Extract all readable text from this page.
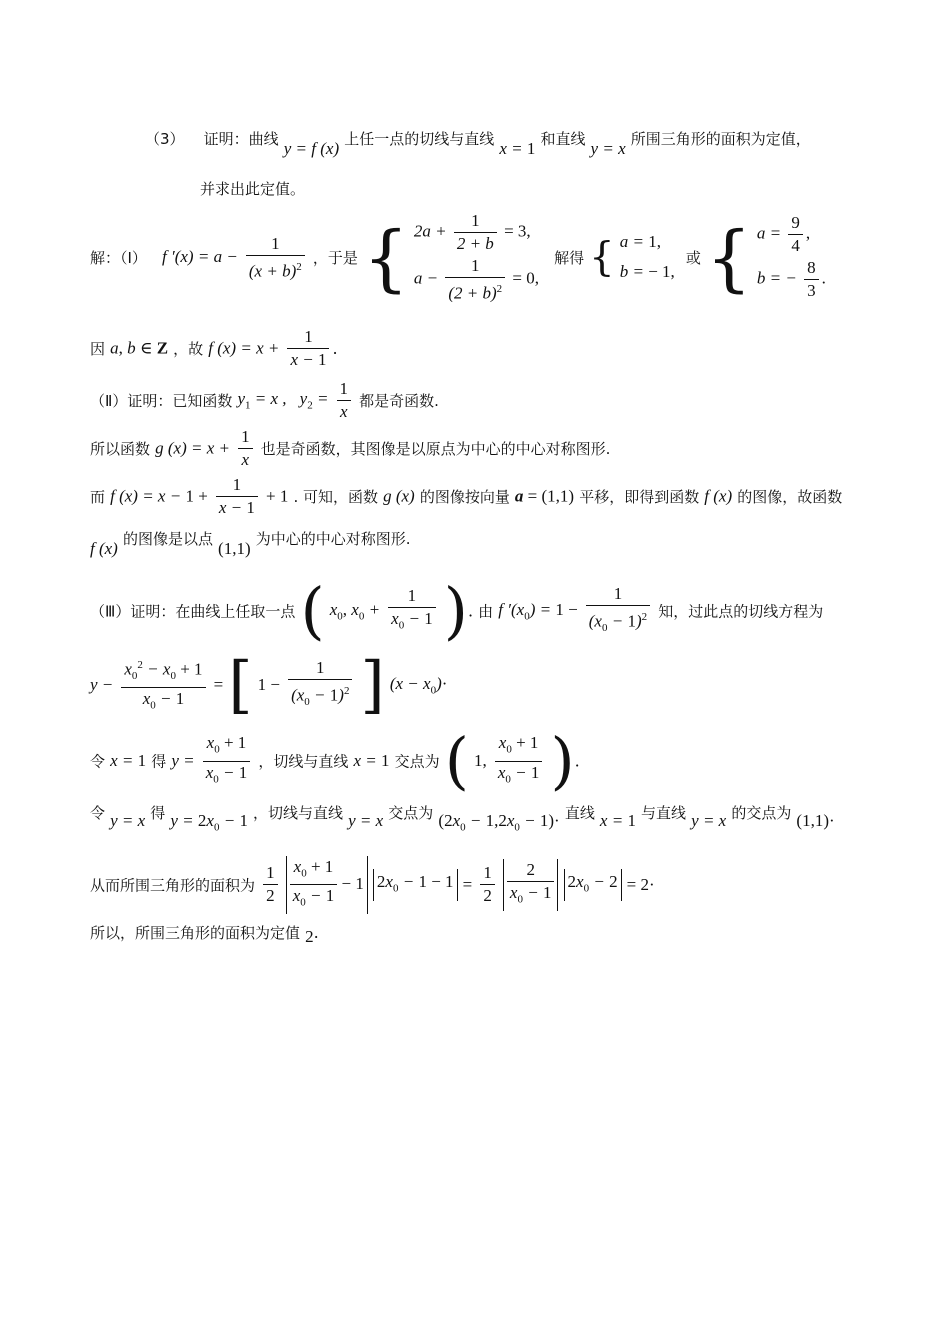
（3） 证明：曲线 y = f (x) 上任一点的切线与直线 x = 1 和直线 y = x 所围三角形的面积为定值，
并求出此定值。
解：（Ⅰ） f $'(x) = a - \frac{1}{(x + b)^2}$ ，于是 { $2a + \frac{1}{2 + b} = 3$,
$a - \frac{1}{(2 + b)^2} = 0$,
解得 { a = 1,
b = − 1,
或 { $a = \frac{9}{4}$ ,
b = − $\frac{8}{3}$ .
因 a, b ∈ Z ，故 f $(x) = x + \frac{1}{x - 1}$ .
（Ⅱ）证明：已知函数 $y_1 = x$ , $y_2 = \frac{1}{x}$ 都是奇函数.
所以函数 g $(x) = x + \frac{1}{x}$ 也是奇函数，其图像是以原点为中心的中心对称图形.
而 f $(x) = x - 1 + \frac{1}{x - 1} + 1$ . 可知，函数 g (x) 的图像按向量 a = (1,1) 平移，即得到函数 f (x) 的图像，故函数
f (x) 的图像是以点 (1,1) 为中心的中心对称图形.
（Ⅲ）证明：在曲线上任取一点 ( $x_0$, $x_0 + \frac{1}{x_0 - 1}$ ). 由 f $'(x_0) = 1 - \frac{1}{(x_0 - 1)^2}$ 知，过此点的切线方程为
$y - \frac{x_0^2 - x_0 + 1}{x_0 - 1}$ = [ $1 - \frac{1}{(x_0 - 1)^2}$ ] $(x - x_0)\cdot$
令 x = 1 得 $y = \frac{x_0 + 1}{x_0 - 1}$ ，切线与直线 x = 1 交点为 ( 1, $\frac{x_0 + 1}{x_0 - 1}$ ).
令 y = x 得 $y = 2x_0 - 1$ ，切线与直线 y = x 交点为 $(2x_0 - 1,2x_0 - 1)\cdot$ 直线 x = 1 与直线 y = x 的交点为 (1,1)·
从而所围三角形的面积为 $\frac{1}{2}$
$\frac{x_0 + 1}{x_0 - 1} - 1$ $2x_0 - 1 - 1 = \frac{1}{2}$
$\frac{2}{x_0 - 1} 2x_0 - 2 = 2\cdot$
所以，所围三角形的面积为定值 2.
